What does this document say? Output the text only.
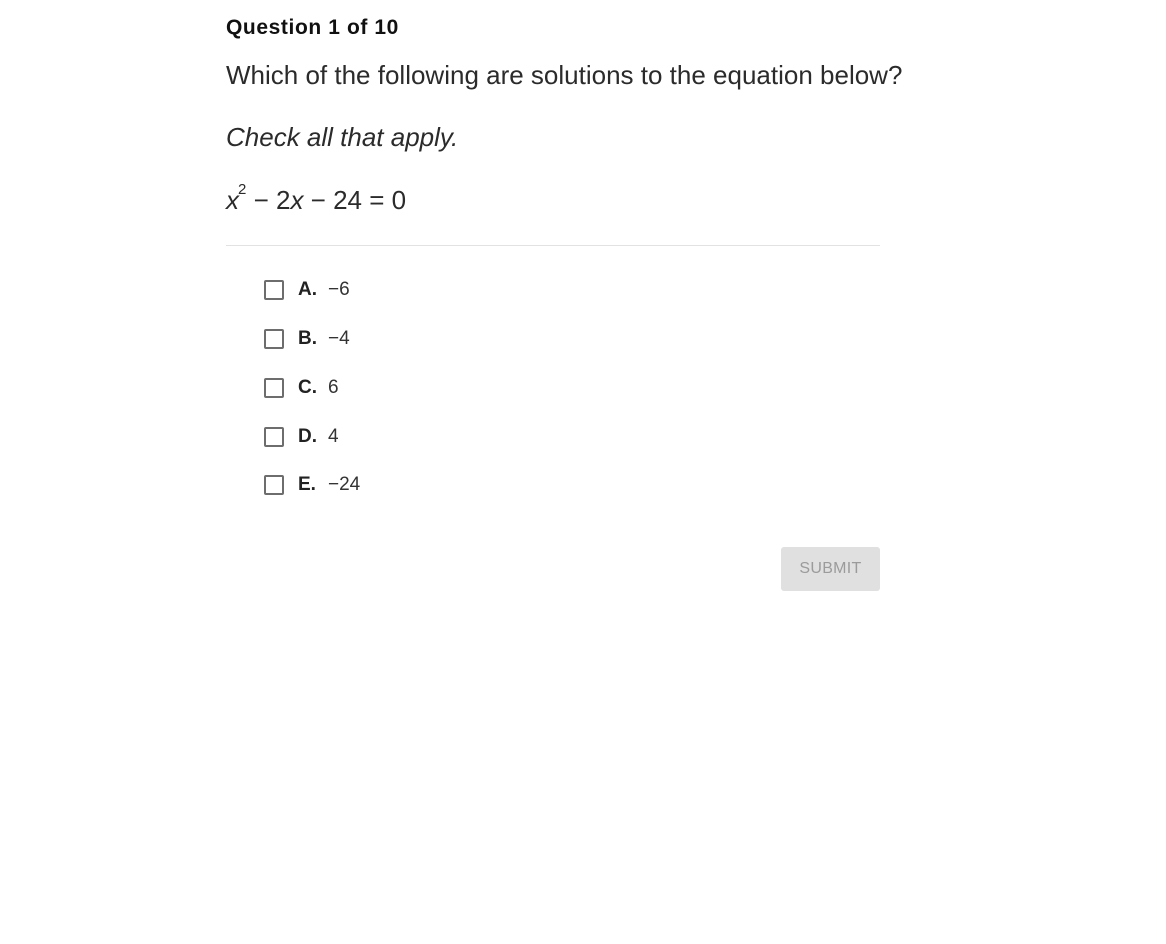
Question 1 of 10
Which of the following are solutions to the equation below?
Check all that apply.
$x^2 - 2x - 24 = 0$
A. −6
B. −4
C. 6
D. 4
E. −24
SUBMIT
